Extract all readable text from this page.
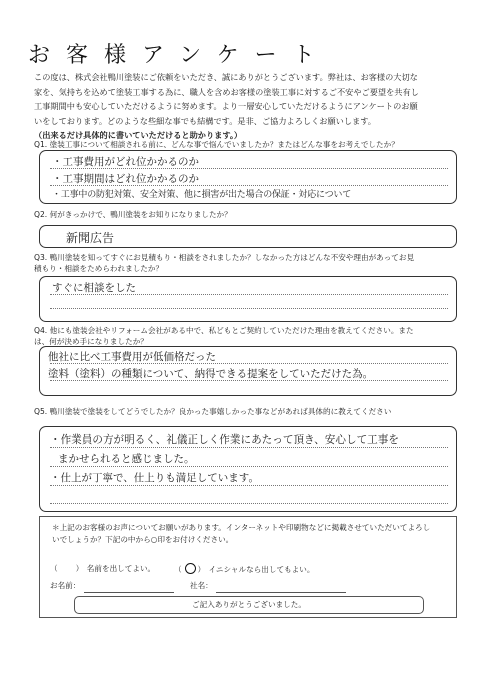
お客様アンケート

この度は、株式会社鴨川塗装にご依頼をいただき、誠にありがとうございます。弊社は、お客様の大切な

家を、気持ちを込めて塗装工事する為に、職人を含めお客様の塗装工事に対するご不安やご要望を共有し

工事期間中も安心していただけるように努めます。より一層安心していただけるようにアンケートのお願

いをしております。どのような些細な事でも結構です。是非、ご協力よろしくお願いします。

（出来るだけ具体的に書いていただけると助かります。）

Q1. 塗装工事について相談される前に、どんな事で悩んでいましたか？またはどんな事をお考えでしたか？
・工事費用がどれ位かかるのか
・工事期間はどれ位かかるのか
・工事中の防犯対策、安全対策、他に損害が出た場合の保証・対応について
Q2. 何がきっかけで、鴨川塗装をお知りになりましたか？
新聞広告
Q3. 鴨川塗装を知ってすぐにお見積もり・相談をされましたか？しなかった方はどんな不安や理由があってお見
積もり・相談をためらわれましたか？
すぐに相談をした
Q4. 他にも塗装会社やリフォーム会社がある中で、私どもとご契約していただけた理由を教えてください。また
は、何が決め手になりましたか？
他社に比べ工事費用が低価格だった
塗料（塗料）の種類について、納得できる提案をしていただけた為。
Q5. 鴨川塗装で塗装をしてどうでしたか？良かった事嬉しかった事などがあれば具体的に教えてください
・作業員の方が明るく、礼儀正しく作業にあたって頂き、安心して工事を
まかせられると感じました。
・仕上が丁寧で、仕上りも満足しています。

＊上記のお客様のお声についてお願いがあります。インターネットや印刷物などに掲載させていただいてよろし

いでしょうか？下記の中から○印をお付けください。

（　　） 名前を出してよい。 （ ○ ） イニシャルなら出してもよい。
お名前：	社名：
ご記入ありがとうございました。
